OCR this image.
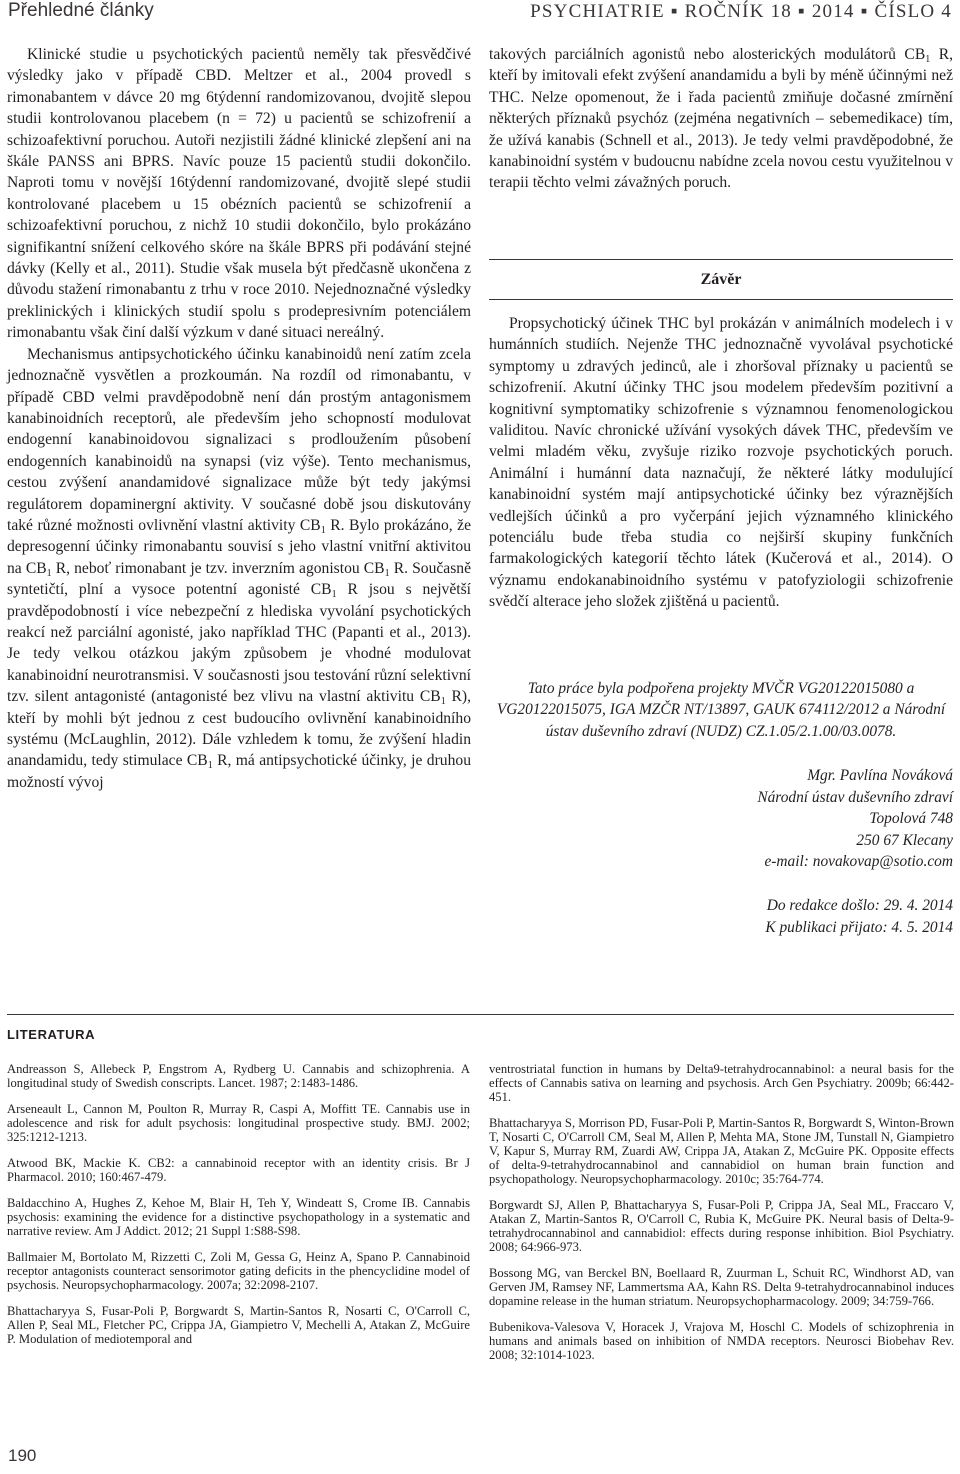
Přehledné články	PSYCHIATRIE ▪ ROČNÍK 18 ▪ 2014 ▪ ČÍSLO 4

Klinické studie u psychotických pacientů neměly tak přesvědčivé výsledky jako v případě CBD. Meltzer et al., 2004 provedl s rimonabantem v dávce 20 mg 6týdenní randomizovanou, dvojitě slepou studii kontrolovanou placebem (n = 72) u pacientů se schizofrenií a schizoafektivní poruchou. Autoři nezjistili žádné klinické zlepšení ani na škále PANSS ani BPRS. Navíc pouze 15 pacientů studii dokončilo. Naproti tomu v novější 16týdenní randomizované, dvojitě slepé studii kontrolované placebem u 15 obézních pacientů se schizofrenií a schizoafektivní poruchou, z nichž 10 studii dokončilo, bylo prokázáno signifikantní snížení celkového skóre na škále BPRS při podávání stejné dávky (Kelly et al., 2011). Studie však musela být předčasně ukončena z důvodu stažení rimonabantu z trhu v roce 2010. Nejednoznačné výsledky preklinických i klinických studií spolu s prodepresivním potenciálem rimonabantu však činí další výzkum v dané situaci nereálný.

Mechanismus antipsychotického účinku kanabinoidů není zatím zcela jednoznačně vysvětlen a prozkoumán. Na rozdíl od rimonabantu, v případě CBD velmi pravděpodobně není dán prostým antagonismem kanabinoidních receptorů, ale především jeho schopností modulovat endogenní kanabinoidovou signalizaci s prodloužením působení endogenních kanabinoidů na synapsi (viz výše). Tento mechanismus, cestou zvýšení anandamidové signalizace může být tedy jakýmsi regulátorem dopaminergní aktivity. V současné době jsou diskutovány také různé možnosti ovlivnění vlastní aktivity $CB_1$ R. Bylo prokázáno, že depresogenní účinky rimonabantu souvisí s jeho vlastní vnitřní aktivitou na $CB_1$ R, neboť rimonabant je tzv. inverzním agonistou $CB_1$ R. Současně syntetičtí, plní a vysoce potentní agonisté $CB_1$ R jsou s největší pravděpodobností i více nebezpeční z hlediska vyvolání psychotických reakcí než parciální agonisté, jako například THC (Papanti et al., 2013). Je tedy velkou otázkou jakým způsobem je vhodné modulovat kanabinoidní neurotransmisi. V současnosti jsou testování různí selektivní tzv. silent antagonisté (antagonisté bez vlivu na vlastní aktivitu $CB_1$ R), kteří by mohli být jednou z cest budoucího ovlivnění kanabinoidního systému (McLaughlin, 2012). Dále vzhledem k tomu, že zvýšení hladin anandamidu, tedy stimulace $CB_1$ R, má antipsychotické účinky, je druhou možností vývoj

takových parciálních agonistů nebo alosterických modulátorů $CB_1$ R, kteří by imitovali efekt zvýšení anandamidu a byli by méně účinnými než THC. Nelze opomenout, že i řada pacientů zmiňuje dočasné zmírnění některých příznaků psychóz (zejména negativních – sebemedikace) tím, že užívá kanabis (Schnell et al., 2013). Je tedy velmi pravděpodobné, že kanabinoidní systém v budoucnu nabídne zcela novou cestu využitelnou v terapii těchto velmi závažných poruch.

Závěr

Propsychotický účinek THC byl prokázán v animálních modelech i v humánních studiích. Nejenže THC jednoznačně vyvolával psychotické symptomy u zdravých jedinců, ale i zhoršoval příznaky u pacientů se schizofrenií. Akutní účinky THC jsou modelem především pozitivní a kognitivní symptomatiky schizofrenie s významnou fenomenologickou validitou. Navíc chronické užívání vysokých dávek THC, především ve velmi mladém věku, zvyšuje riziko rozvoje psychotických poruch. Animální i humánní data naznačují, že některé látky modulující kanabinoidní systém mají antipsychotické účinky bez výraznějších vedlejších účinků a pro vyčerpání jejich významného klinického potenciálu bude třeba studia co nejširší skupiny funkčních farmakologických kategorií těchto látek (Kučerová et al., 2014). O významu endokanabinoidního systému v patofyziologii schizofrenie svědčí alterace jeho složek zjištěná u pacientů.

Tato práce byla podpořena projekty MVČR VG20122015080 a VG20122015075, IGA MZČR NT/13897, GAUK 674112/2012 a Národní ústav duševního zdraví (NUDZ) CZ.1.05/2.1.00/03.0078.
Mgr. Pavlína Nováková
Národní ústav duševního zdraví
Topolová 748
250 67 Klecany
e-mail: novakovap@sotio.com
Do redakce došlo: 29. 4. 2014
K publikaci přijato: 4. 5. 2014
LITERATURA

Andreasson S, Allebeck P, Engstrom A, Rydberg U. Cannabis and schizophrenia. A longitudinal study of Swedish conscripts. Lancet. 1987; 2:1483-1486.

Arseneault L, Cannon M, Poulton R, Murray R, Caspi A, Moffitt TE. Cannabis use in adolescence and risk for adult psychosis: longitudinal prospective study. BMJ. 2002; 325:1212-1213.

Atwood BK, Mackie K. CB2: a cannabinoid receptor with an identity crisis. Br J Pharmacol. 2010; 160:467-479.

Baldacchino A, Hughes Z, Kehoe M, Blair H, Teh Y, Windeatt S, Crome IB. Cannabis psychosis: examining the evidence for a distinctive psychopathology in a systematic and narrative review. Am J Addict. 2012; 21 Suppl 1:S88-S98.

Ballmaier M, Bortolato M, Rizzetti C, Zoli M, Gessa G, Heinz A, Spano P. Cannabinoid receptor antagonists counteract sensorimotor gating deficits in the phencyclidine model of psychosis. Neuropsychopharmacology. 2007a; 32:2098-2107.

Bhattacharyya S, Fusar-Poli P, Borgwardt S, Martin-Santos R, Nosarti C, O'Carroll C, Allen P, Seal ML, Fletcher PC, Crippa JA, Giampietro V, Mechelli A, Atakan Z, McGuire P. Modulation of mediotemporal and

ventrostriatal function in humans by Delta9-tetrahydrocannabinol: a neural basis for the effects of Cannabis sativa on learning and psychosis. Arch Gen Psychiatry. 2009b; 66:442-451.

Bhattacharyya S, Morrison PD, Fusar-Poli P, Martin-Santos R, Borgwardt S, Winton-Brown T, Nosarti C, O'Carroll CM, Seal M, Allen P, Mehta MA, Stone JM, Tunstall N, Giampietro V, Kapur S, Murray RM, Zuardi AW, Crippa JA, Atakan Z, McGuire PK. Opposite effects of delta-9-tetrahydrocannabinol and cannabidiol on human brain function and psychopathology. Neuropsychopharmacology. 2010c; 35:764-774.

Borgwardt SJ, Allen P, Bhattacharyya S, Fusar-Poli P, Crippa JA, Seal ML, Fraccaro V, Atakan Z, Martin-Santos R, O'Carroll C, Rubia K, McGuire PK. Neural basis of Delta-9-tetrahydrocannabinol and cannabidiol: effects during response inhibition. Biol Psychiatry. 2008; 64:966-973.

Bossong MG, van Berckel BN, Boellaard R, Zuurman L, Schuit RC, Windhorst AD, van Gerven JM, Ramsey NF, Lammertsma AA, Kahn RS. Delta 9-tetrahydrocannabinol induces dopamine release in the human striatum. Neuropsychopharmacology. 2009; 34:759-766.

Bubenikova-Valesova V, Horacek J, Vrajova M, Hoschl C. Models of schizophrenia in humans and animals based on inhibition of NMDA receptors. Neurosci Biobehav Rev. 2008; 32:1014-1023.

190
